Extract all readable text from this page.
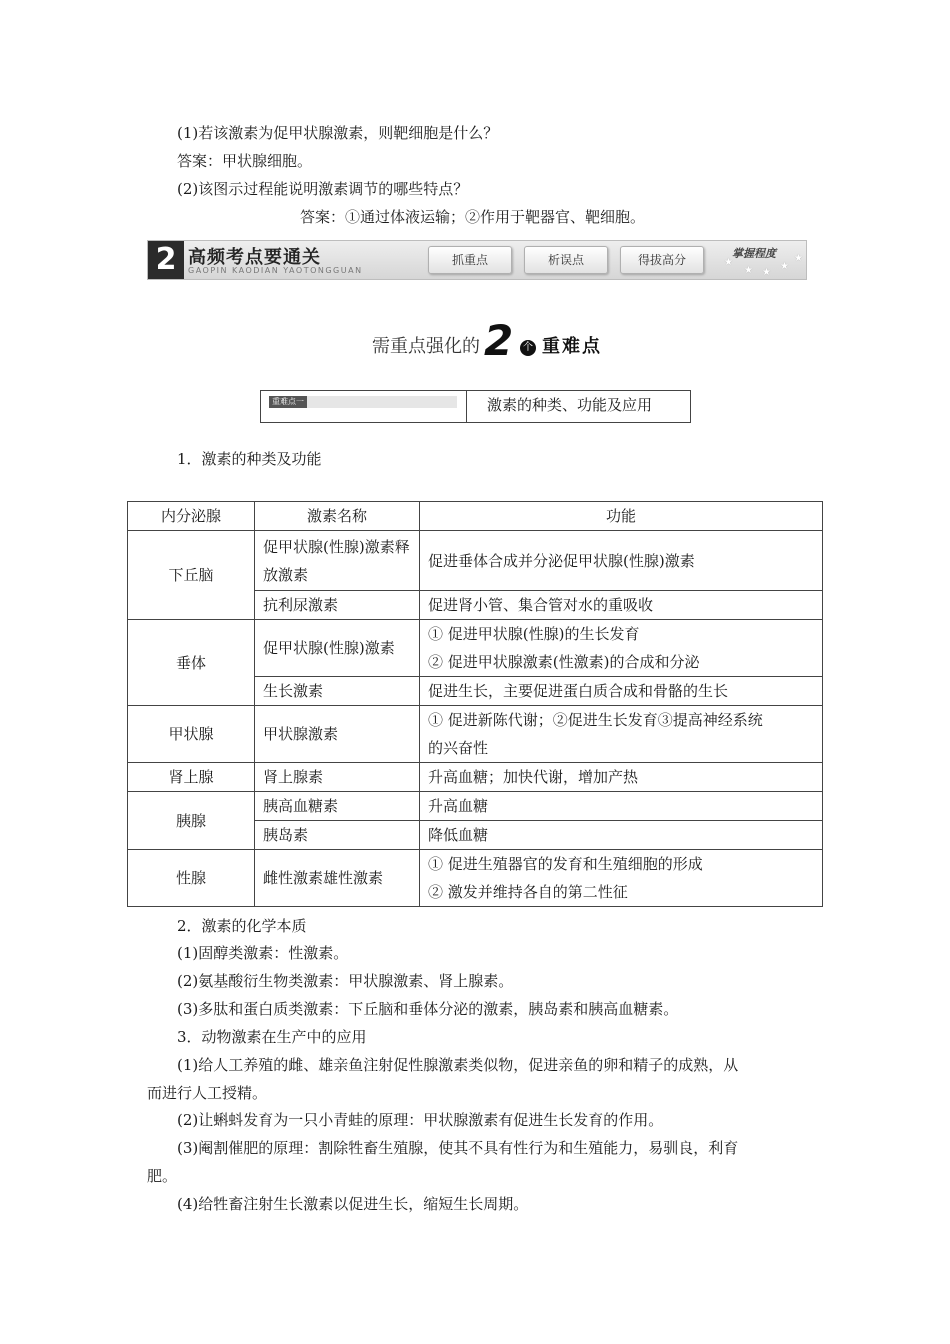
(1)若该激素为促甲状腺激素，则靶细胞是什么？
答案：甲状腺细胞。
(2)该图示过程能说明激素调节的哪些特点？
答案：①通过体液运输；②作用于靶器官、靶细胞。
2 高频考点要通关
GAOPIN KAODIAN YAOTONGGUAN
抓重点	析误点	得拔高分	掌握程度
★
★ ★
★
★
需重点强化的 2 个 重难点
重难点一	激素的种类、功能及应用
1．激素的种类及功能
内分泌腺	激素名称	功能
下丘脑	促甲状腺(性腺)激素释放激素	促进垂体合成并分泌促甲状腺(性腺)激素
	抗利尿激素	促进肾小管、集合管对水的重吸收
垂体	促甲状腺(性腺)激素	① 促进甲状腺(性腺)的生长发育
② 促进甲状腺激素(性激素)的合成和分泌

	生长激素	促进生长，主要促进蛋白质合成和骨骼的生长
甲状腺	甲状腺激素	① 促进新陈代谢；②促进生长发育③提高神经系统
的兴奋性

肾上腺	肾上腺素	升高血糖；加快代谢，增加产热
胰腺	胰高血糖素	升高血糖
	胰岛素	降低血糖
性腺	雌性激素雄性激素	① 促进生殖器官的发育和生殖细胞的形成
② 激发并维持各自的第二性征
2．激素的化学本质
(1)固醇类激素：性激素。
(2)氨基酸衍生物类激素：甲状腺激素、肾上腺素。
(3)多肽和蛋白质类激素：下丘脑和垂体分泌的激素，胰岛素和胰高血糖素。
3．动物激素在生产中的应用
(1)给人工养殖的雌、雄亲鱼注射促性腺激素类似物，促进亲鱼的卵和精子的成熟，从
而进行人工授精。
(2)让蝌蚪发育为一只小青蛙的原理：甲状腺激素有促进生长发育的作用。
(3)阉割催肥的原理：割除牲畜生殖腺，使其不具有性行为和生殖能力，易驯良，利育
肥。
(4)给牲畜注射生长激素以促进生长，缩短生长周期。
